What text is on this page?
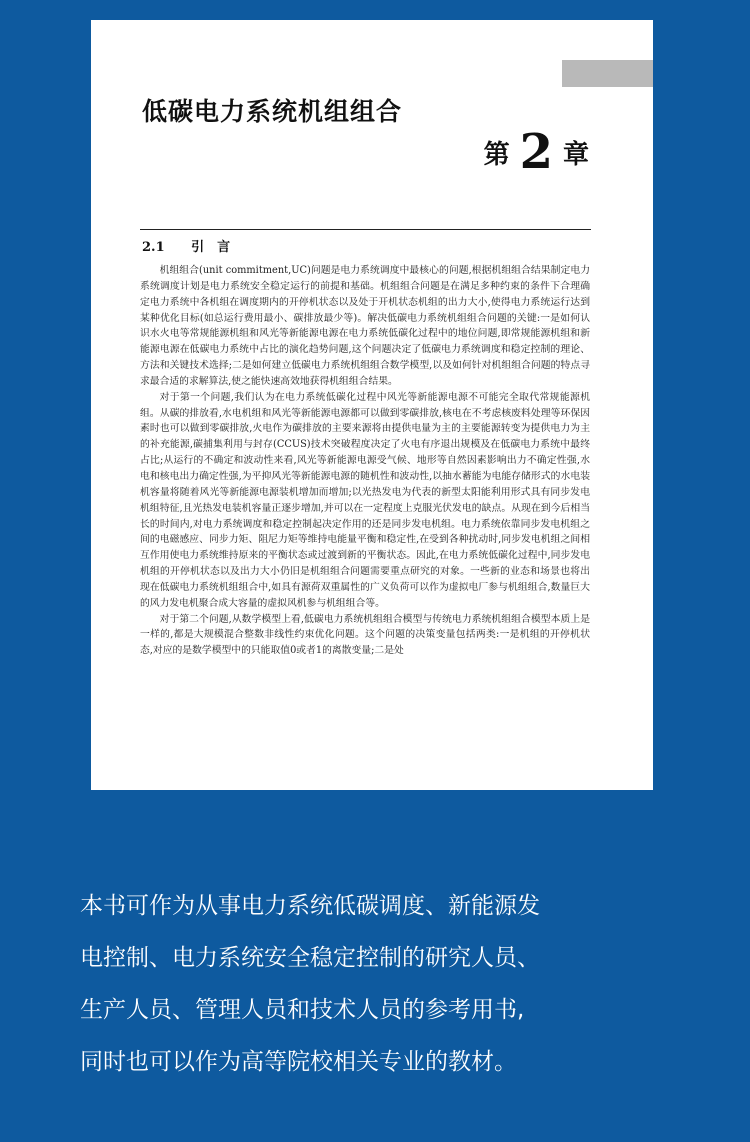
低碳电力系统机组组合
第 2 章
2.1 引　言

机组组合(unit commitment,UC)问题是电力系统调度中最核心的问题,根据机组组合结果制定电力系统调度计划是电力系统安全稳定运行的前提和基础。机组组合问题是在满足多种约束的条件下合理确定电力系统中各机组在调度期内的开停机状态以及处于开机状态机组的出力大小,使得电力系统运行达到某种优化目标(如总运行费用最小、碳排放最少等)。解决低碳电力系统机组组合问题的关键:一是如何认识水火电等常规能源机组和风光等新能源电源在电力系统低碳化过程中的地位问题,即常规能源机组和新能源电源在低碳电力系统中占比的演化趋势问题,这个问题决定了低碳电力系统调度和稳定控制的理论、方法和关键技术选择;二是如何建立低碳电力系统机组组合数学模型,以及如何针对机组组合问题的特点寻求最合适的求解算法,使之能快速高效地获得机组组合结果。

对于第一个问题,我们认为在电力系统低碳化过程中风光等新能源电源不可能完全取代常规能源机组。从碳的排放看,水电机组和风光等新能源电源都可以做到零碳排放,核电在不考虑核废料处理等环保因素时也可以做到零碳排放,火电作为碳排放的主要来源将由提供电量为主的主要能源转变为提供电力为主的补充能源,碳捕集利用与封存(CCUS)技术突破程度决定了火电有序退出规模及在低碳电力系统中最终占比;从运行的不确定和波动性来看,风光等新能源电源受气候、地形等自然因素影响出力不确定性强,水电和核电出力确定性强,为平抑风光等新能源电源的随机性和波动性,以抽水蓄能为电能存储形式的水电装机容量将随着风光等新能源电源装机增加而增加;以光热发电为代表的新型太阳能利用形式具有同步发电机组特征,且光热发电装机容量正逐步增加,并可以在一定程度上克服光伏发电的缺点。从现在到今后相当长的时间内,对电力系统调度和稳定控制起决定作用的还是同步发电机组。电力系统依靠同步发电机组之间的电磁感应、同步力矩、阻尼力矩等维持电能量平衡和稳定性,在受到各种扰动时,同步发电机组之间相互作用使电力系统维持原来的平衡状态或过渡到新的平衡状态。因此,在电力系统低碳化过程中,同步发电机组的开停机状态以及出力大小仍旧是机组组合问题需要重点研究的对象。一些新的业态和场景也将出现在低碳电力系统机组组合中,如具有源荷双重属性的广义负荷可以作为虚拟电厂参与机组组合,数量巨大的风力发电机聚合成大容量的虚拟风机参与机组组合等。

对于第二个问题,从数学模型上看,低碳电力系统机组组合模型与传统电力系统机组组合模型本质上是一样的,都是大规模混合整数非线性约束优化问题。这个问题的决策变量包括两类:一是机组的开停机状态,对应的是数学模型中的只能取值0或者1的离散变量;二是处

本书可作为从事电力系统低碳调度、新能源发

电控制、电力系统安全稳定控制的研究人员、

生产人员、管理人员和技术人员的参考用书,

同时也可以作为高等院校相关专业的教材。
